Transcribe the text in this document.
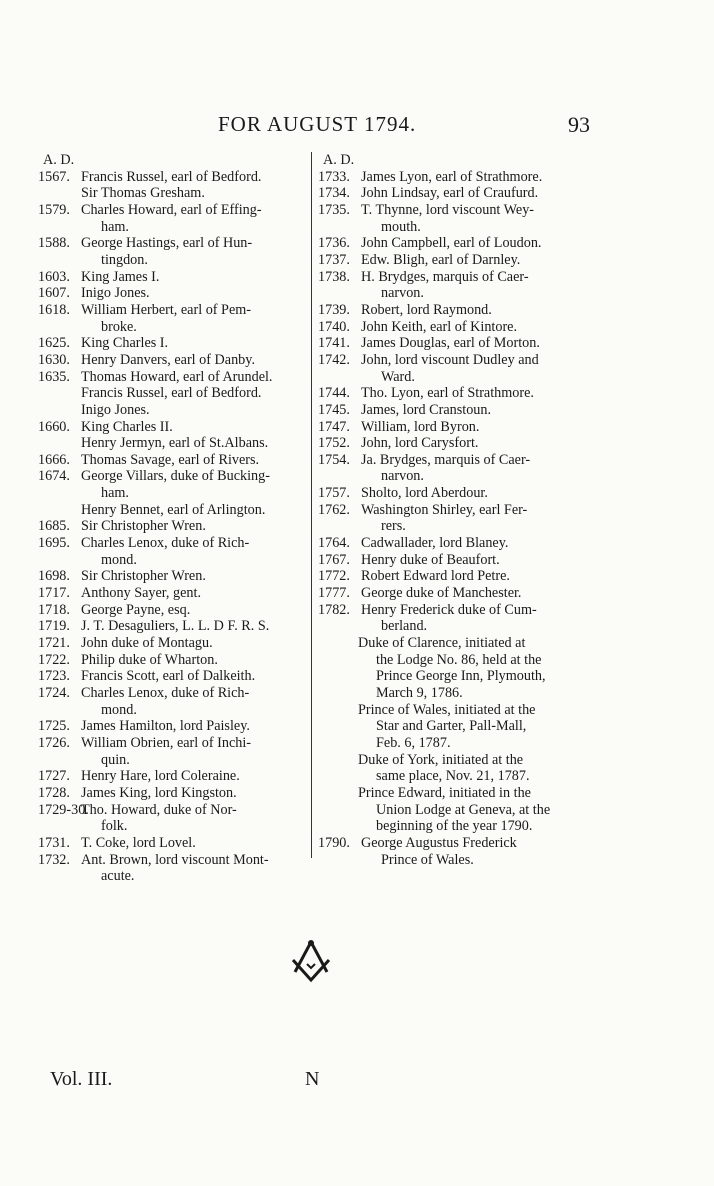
FOR AUGUST 1794.	93
A. D.
1567. Francis Russel, earl of Bedford.
Sir Thomas Gresham.
1579. Charles Howard, earl of Effing-
ham.
1588. George Hastings, earl of Hun-
tingdon.
1603. King James I.
1607. Inigo Jones.
1618. William Herbert, earl of Pem-
broke.
1625. King Charles I.
1630. Henry Danvers, earl of Danby.
1635. Thomas Howard, earl of Arundel.
Francis Russel, earl of Bedford.
Inigo Jones.
1660. King Charles II.
Henry Jermyn, earl of St.Albans.
1666. Thomas Savage, earl of Rivers.
1674. George Villars, duke of Bucking-
ham.
Henry Bennet, earl of Arlington.
1685. Sir Christopher Wren.
1695. Charles Lenox, duke of Rich-
mond.
1698. Sir Christopher Wren.
1717. Anthony Sayer, gent.
1718. George Payne, esq.
1719. J. T. Desaguliers, L. L. D F. R. S.
1721. John duke of Montagu.
1722. Philip duke of Wharton.
1723. Francis Scott, earl of Dalkeith.
1724. Charles Lenox, duke of Rich-
mond.
1725. James Hamilton, lord Paisley.
1726. William Obrien, earl of Inchi-
quin.
1727. Henry Hare, lord Coleraine.
1728. James King, lord Kingston.
1729-30.
Tho. Howard, duke of Nor-
folk.
1731. T. Coke, lord Lovel.
1732. Ant. Brown, lord viscount Mont-
acute.
A. D.
1733. James Lyon, earl of Strathmore.
1734. John Lindsay, earl of Craufurd.
1735. T. Thynne, lord viscount Wey-
mouth.
1736. John Campbell, earl of Loudon.
1737. Edw. Bligh, earl of Darnley.
1738. H. Brydges, marquis of Caer-
narvon.
1739. Robert, lord Raymond.
1740. John Keith, earl of Kintore.
1741. James Douglas, earl of Morton.
1742. John, lord viscount Dudley and
Ward.
1744. Tho. Lyon, earl of Strathmore.
1745. James, lord Cranstoun.
1747. William, lord Byron.
1752. John, lord Carysfort.
1754. Ja. Brydges, marquis of Caer-
narvon.
1757. Sholto, lord Aberdour.
1762. Washington Shirley, earl Fer-
rers.
1764. Cadwallader, lord Blaney.
1767. Henry duke of Beaufort.
1772. Robert Edward lord Petre.
1777. George duke of Manchester.
1782. Henry Frederick duke of Cum-
berland.
Duke of Clarence, initiated at
the Lodge No. 86, held at the
Prince George Inn, Plymouth,
March 9, 1786.
Prince of Wales, initiated at the
Star and Garter, Pall-Mall,
Feb. 6, 1787.
Duke of York, initiated at the
same place, Nov. 21, 1787.
Prince Edward, initiated in the
Union Lodge at Geneva, at the
beginning of the year 1790.
1790. George Augustus Frederick
Prince of Wales.
Vol. III.	N
